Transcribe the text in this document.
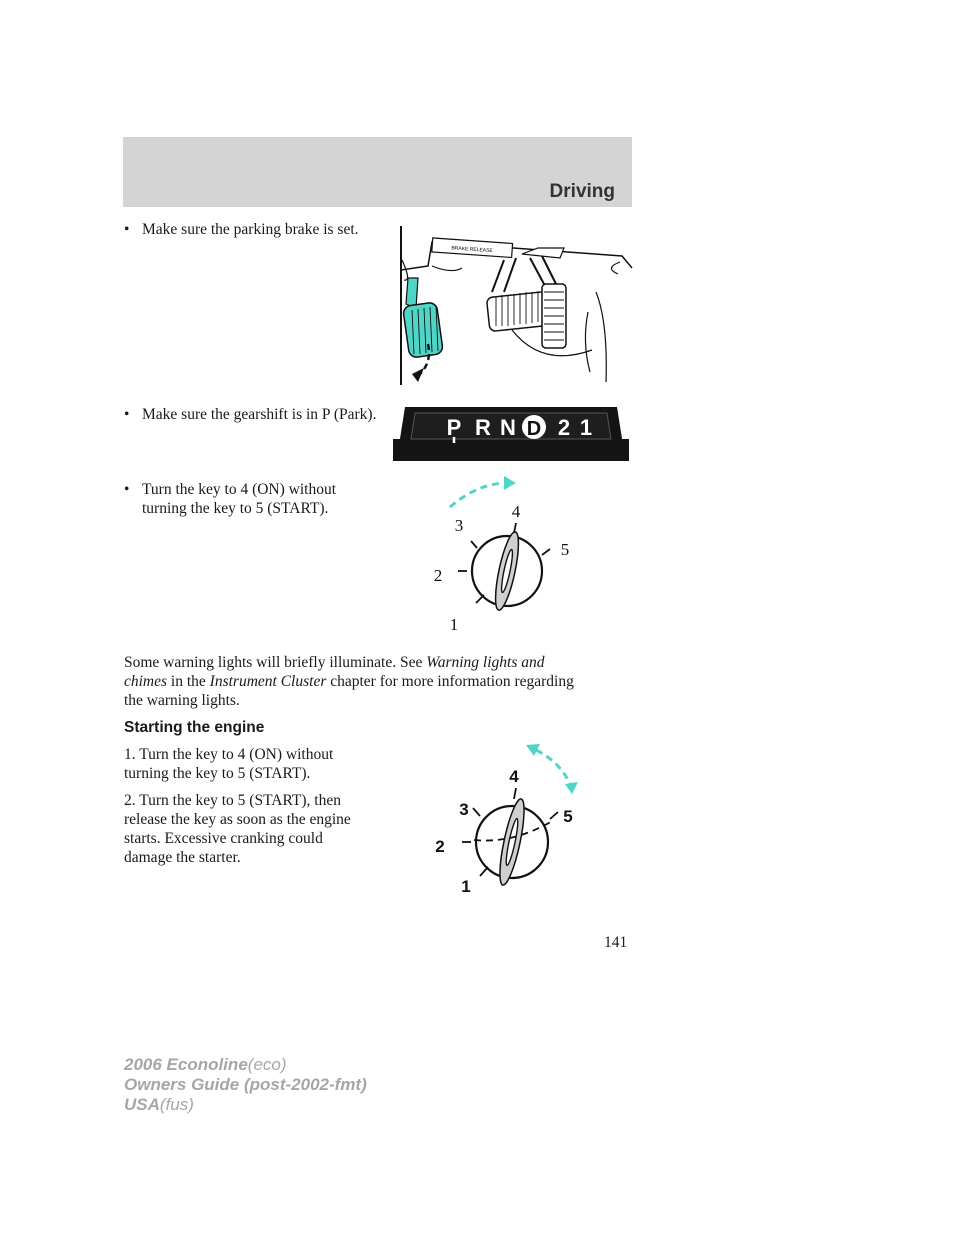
Driving
• Make sure the parking brake is set.
BRAKE RELEASE
• Make sure the gearshift is in P (Park).
P R N D 2 1
• Turn the key to 4 (ON) without turning the key to 5 (START).
1
2
3
4
5

Some warning lights will briefly illuminate. See Warning lights and chimes in the Instrument Cluster chapter for more information regarding the warning lights.

Starting the engine

1. Turn the key to 4 (ON) without turning the key to 5 (START).

2. Turn the key to 5 (START), then release the key as soon as the engine starts. Excessive cranking could damage the starter.

1
2
3
4
5
141
2006 Econoline(eco)
Owners Guide (post-2002-fmt)
USA(fus)
